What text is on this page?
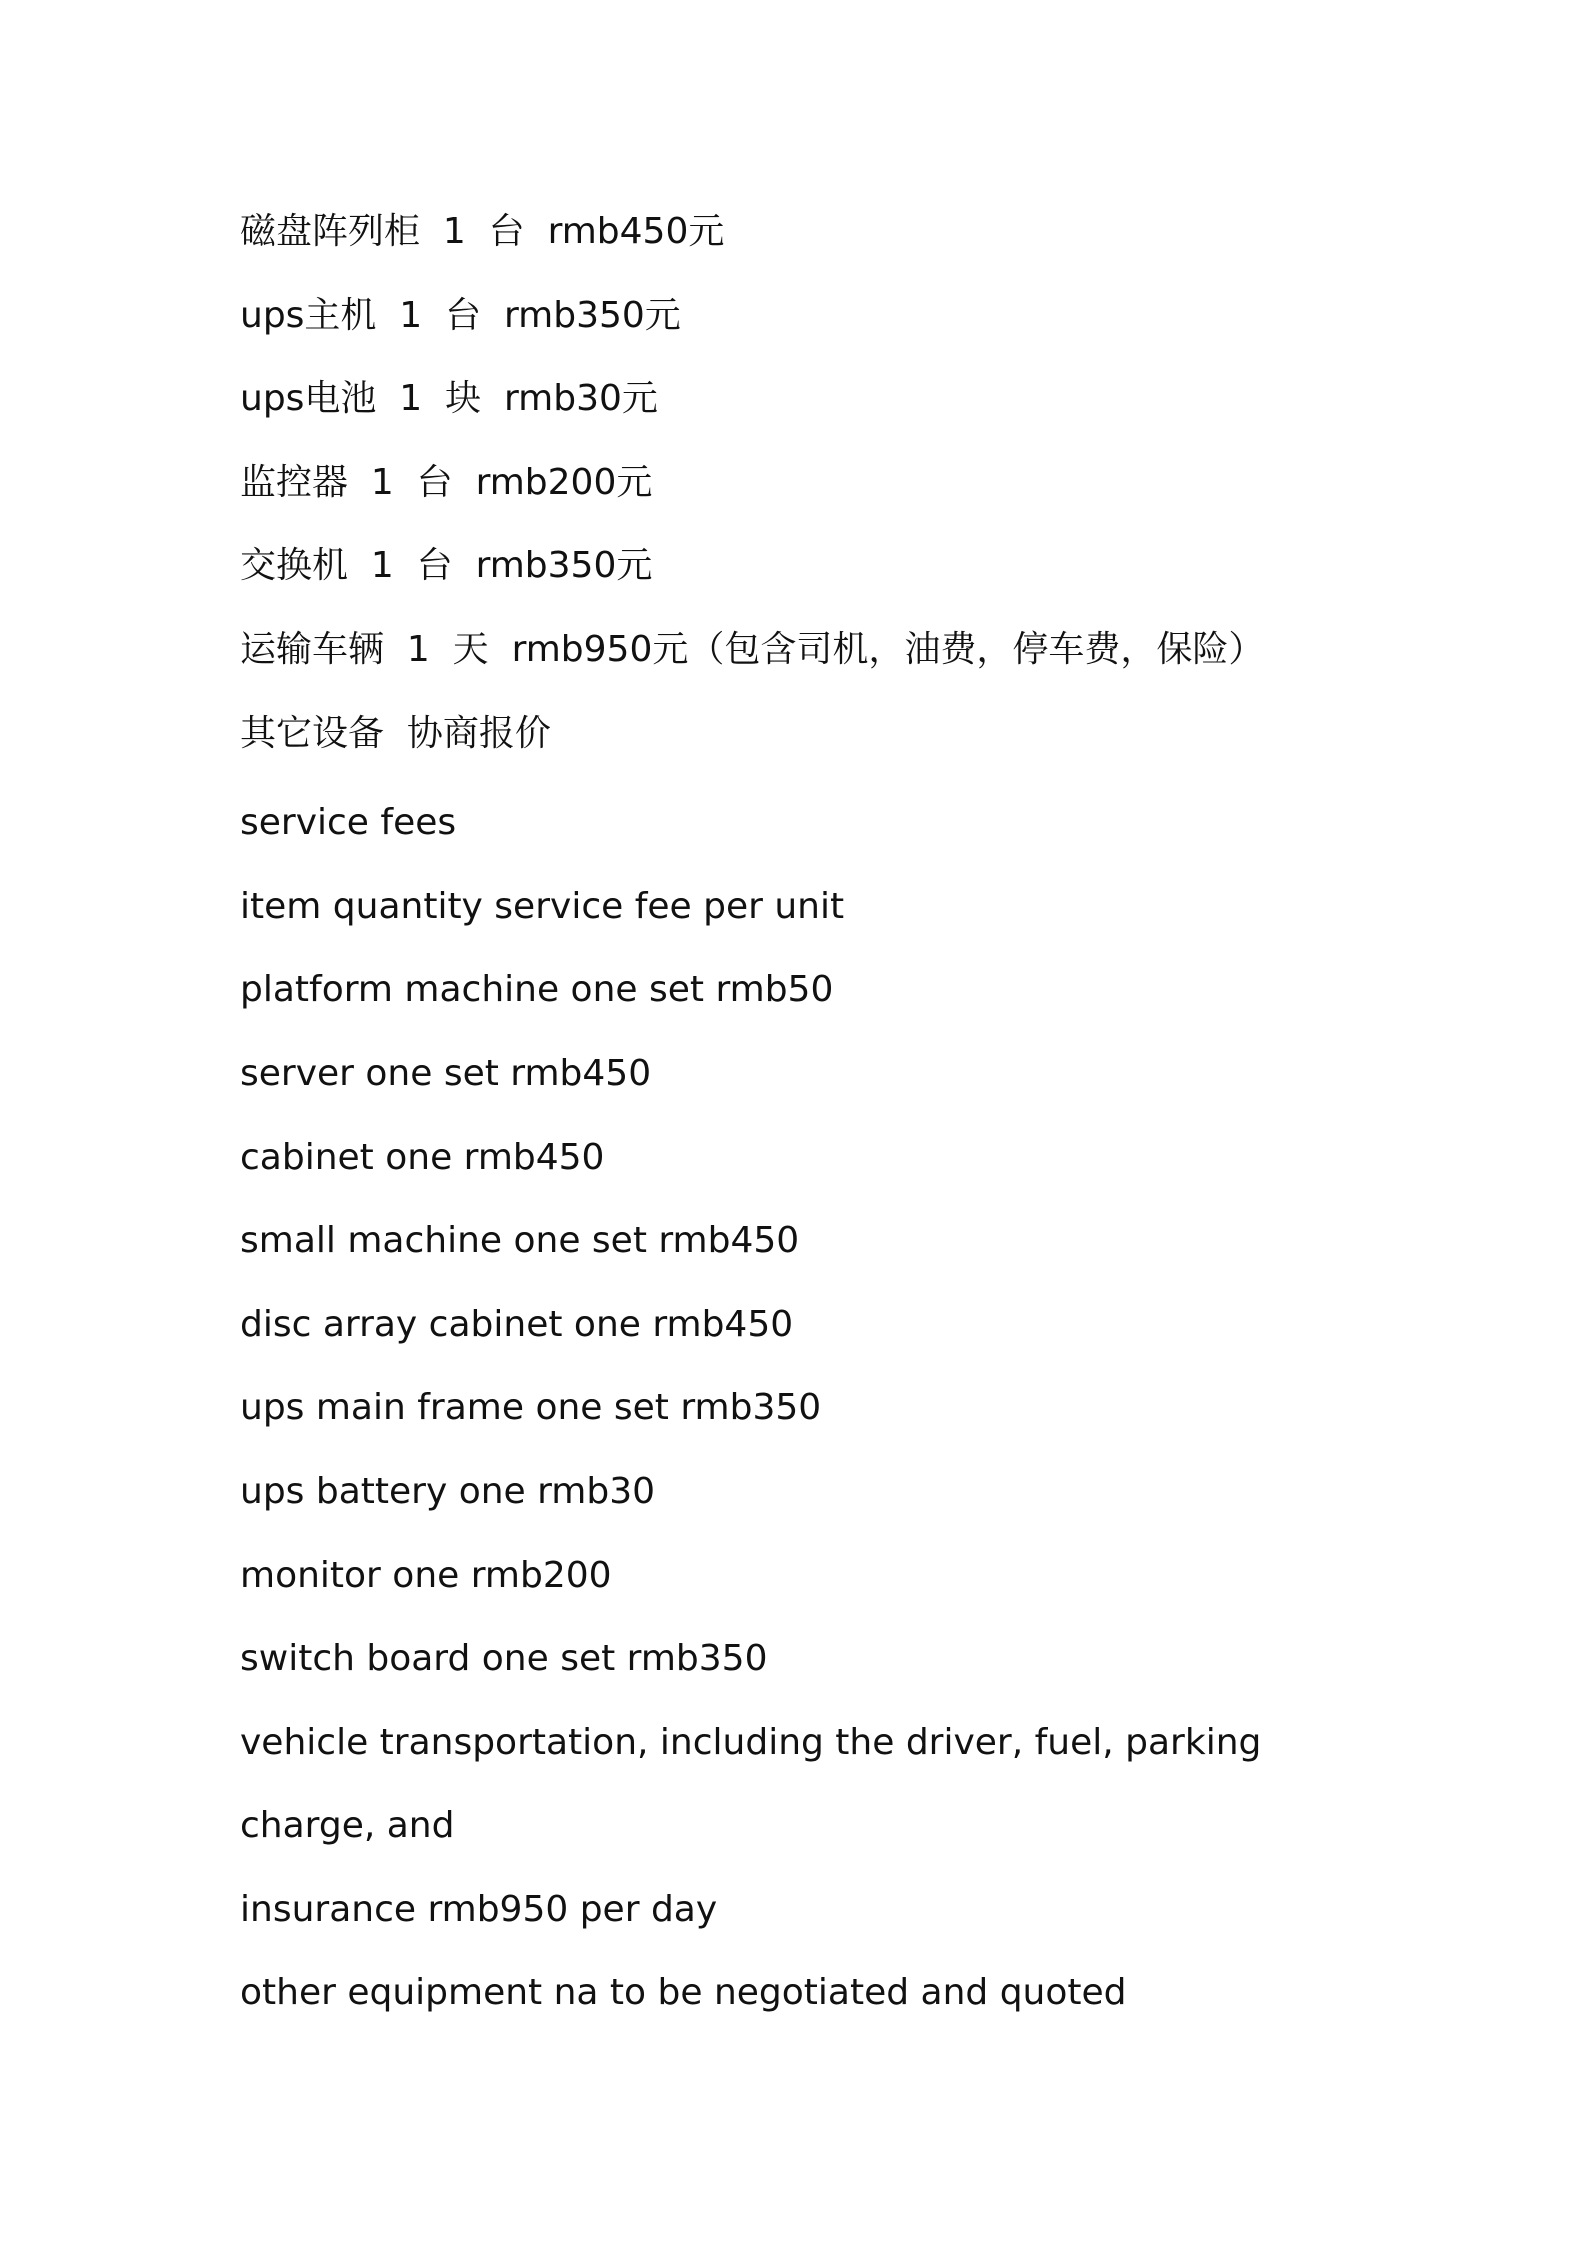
磁盘阵列柜  1  台  rmb450元

ups主机  1  台  rmb350元

ups电池  1  块  rmb30元

监控器  1  台  rmb200元

交换机  1  台  rmb350元

运输车辆  1  天  rmb950元（包含司机，油费，停车费，保险）

其它设备  协商报价

service fees

item quantity service fee per unit

platform machine one set rmb50

server one set rmb450

cabinet one rmb450

small machine one set rmb450

disc array cabinet one rmb450

ups main frame one set rmb350

ups battery one rmb30

monitor one rmb200

switch board one set rmb350

vehicle transportation, including the driver, fuel, parking

charge, and

insurance rmb950 per day

other equipment na to be negotiated and quoted
